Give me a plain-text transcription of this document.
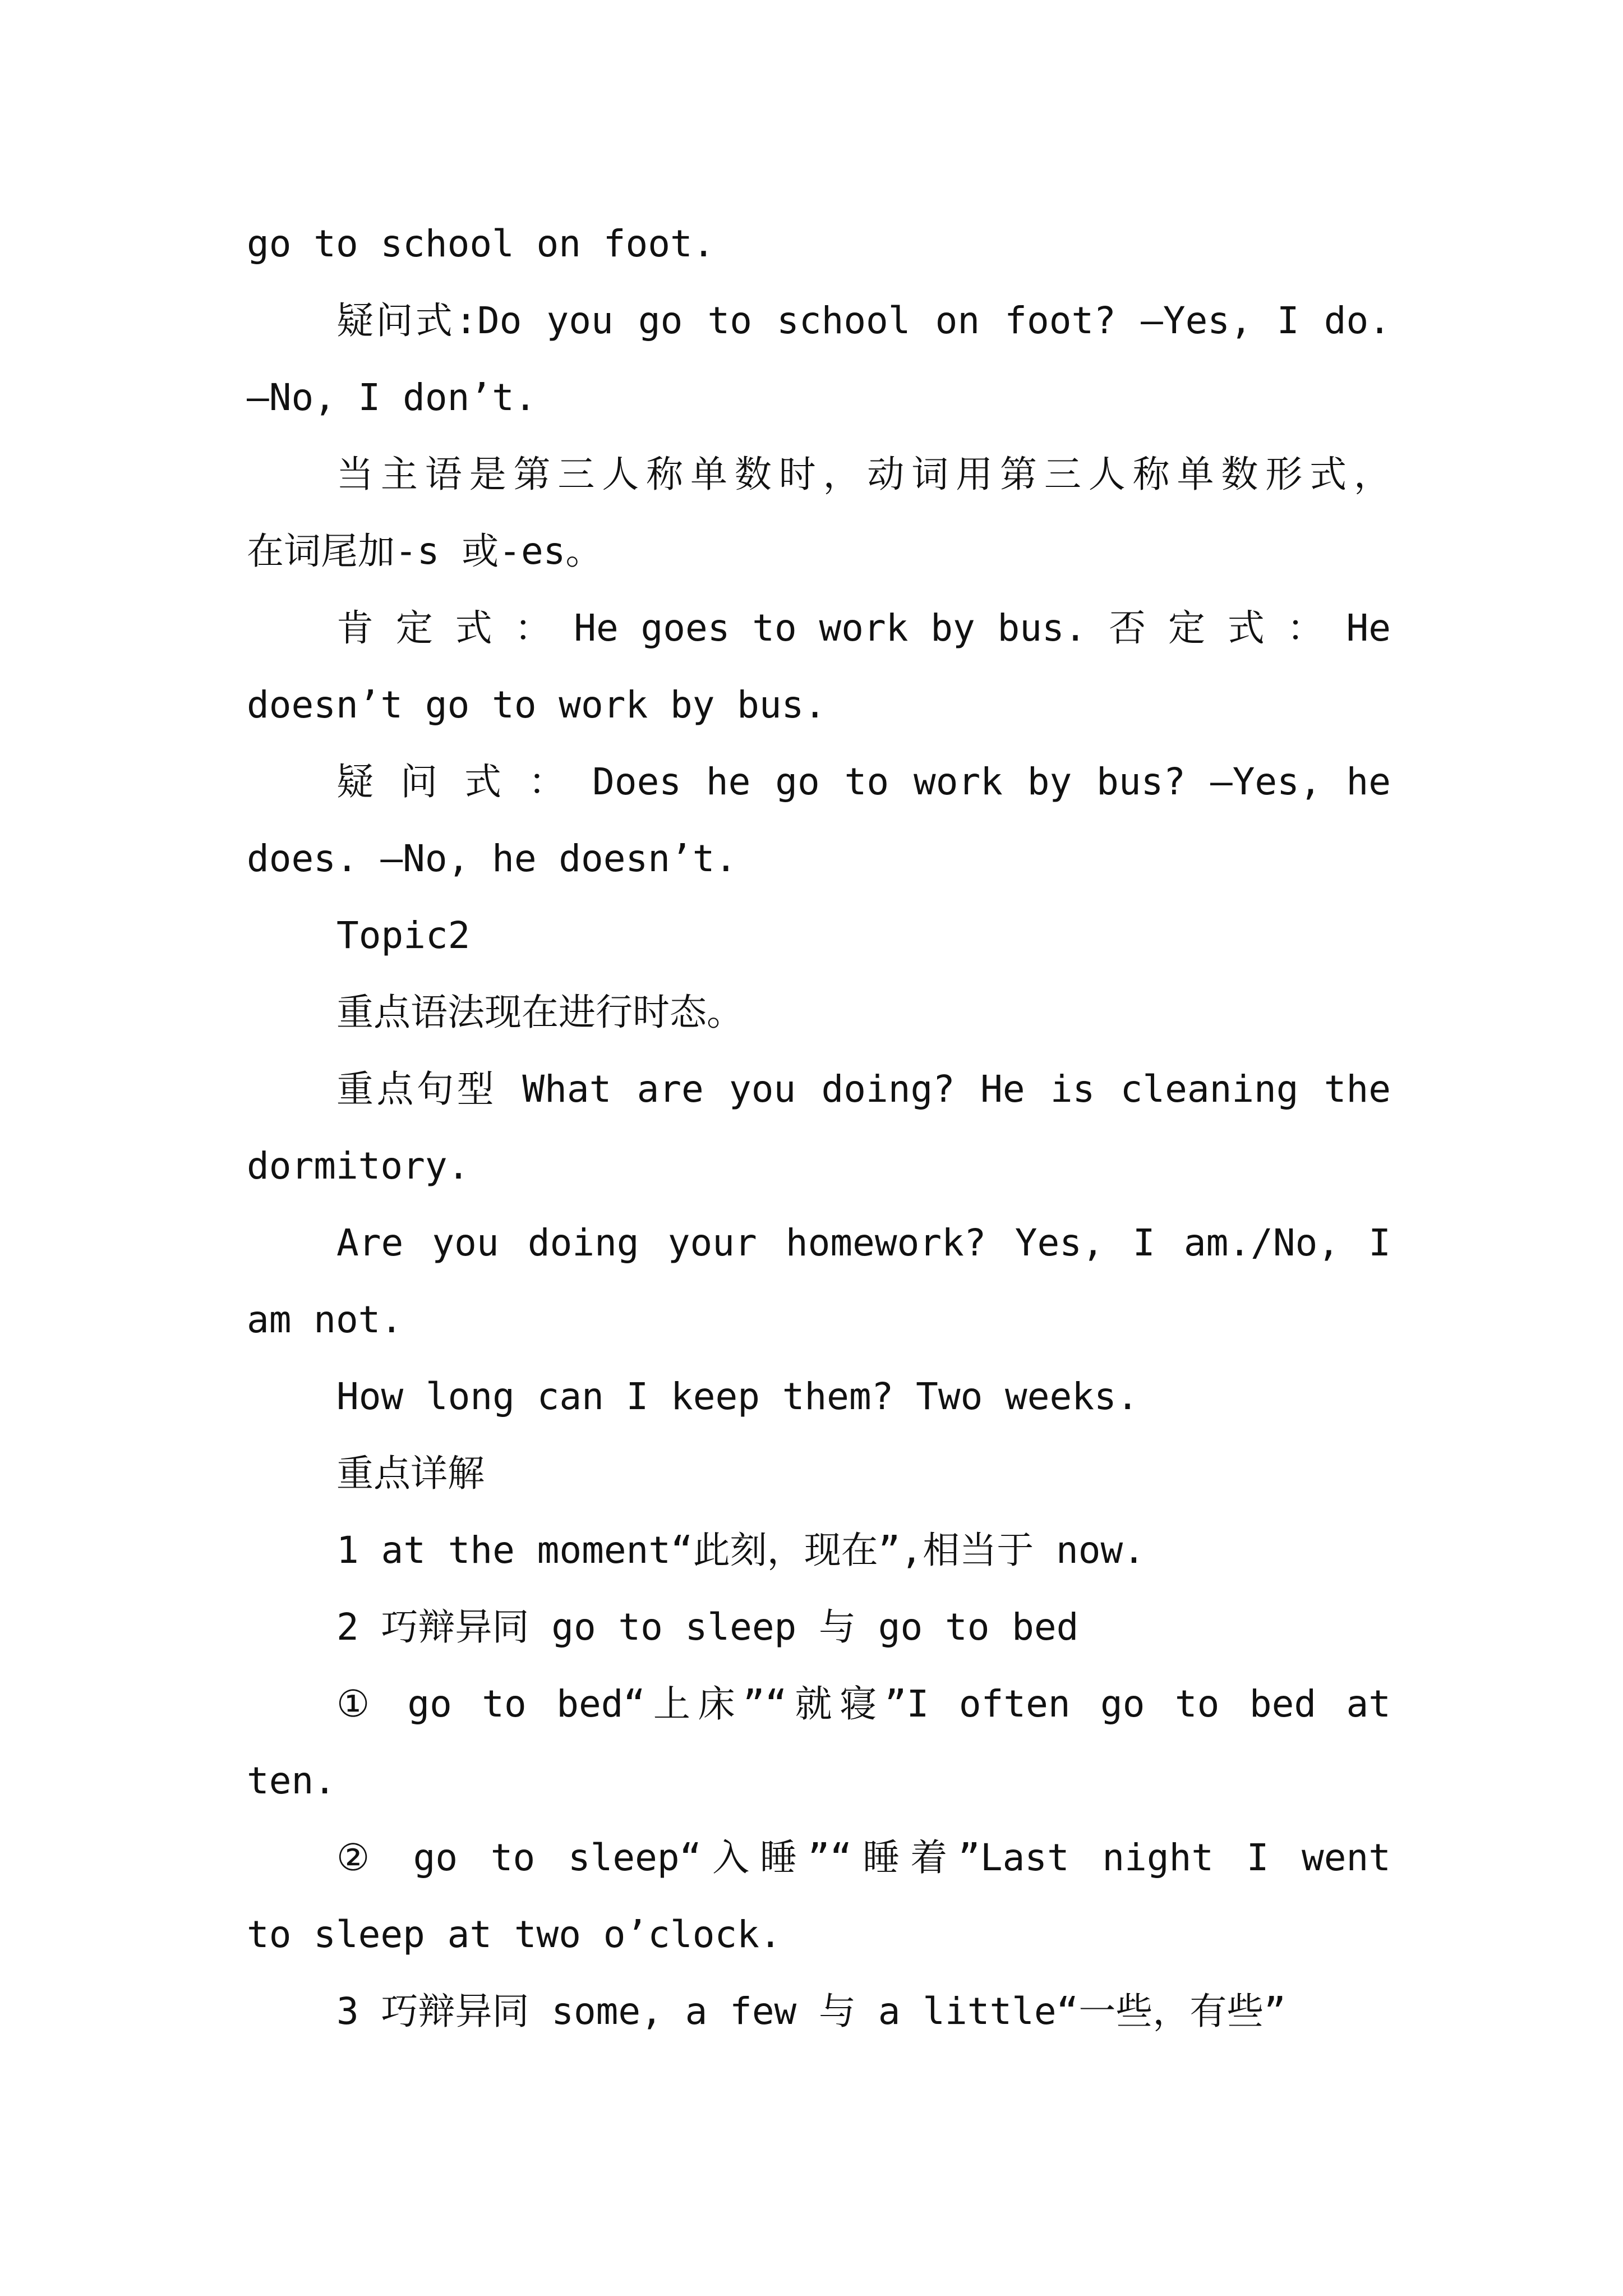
go to school on foot.
疑问式:Do you go to school on foot? —Yes, I do.
—No, I don’t.
当主语是第三人称单数时，动词用第三人称单数形式，
在词尾加-s 或-es。
肯 定 式 ： He goes to work by bus. 否 定 式 ： He
doesn’t go to work by bus.
疑 问 式 ： Does he go to work by bus? —Yes, he
does. —No, he doesn’t.
Topic2
重点语法现在进行时态。
重点句型 What are you doing? He is cleaning the
dormitory.
Are you doing your homework? Yes, I am./No, I
am not.
How long can I keep them? Two weeks.
重点详解
1 at the moment“此刻，现在”,相当于 now.
2 巧辩异同 go to sleep 与 go to bed
① go to bed“上床”“就寝”I often go to bed at
ten.
② go to sleep“入睡”“睡着”Last night I went
to sleep at two o’clock.
3 巧辩异同 some, a few 与 a little“一些，有些”
